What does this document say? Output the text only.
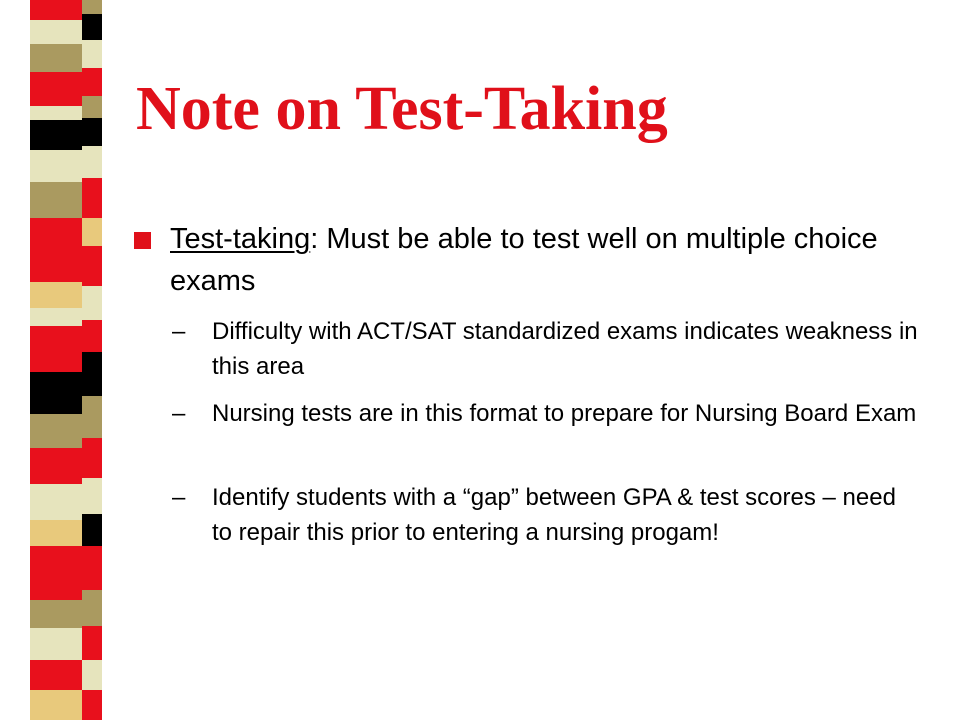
Note on Test-Taking
Test-taking: Must be able to test well on multiple choice exams
– Difficulty with ACT/SAT standardized exams indicates weakness in this area
– Nursing tests are in this format to prepare for Nursing Board Exam
– Identify students with a “gap” between GPA & test scores – need to repair this prior to entering a nursing progam!
